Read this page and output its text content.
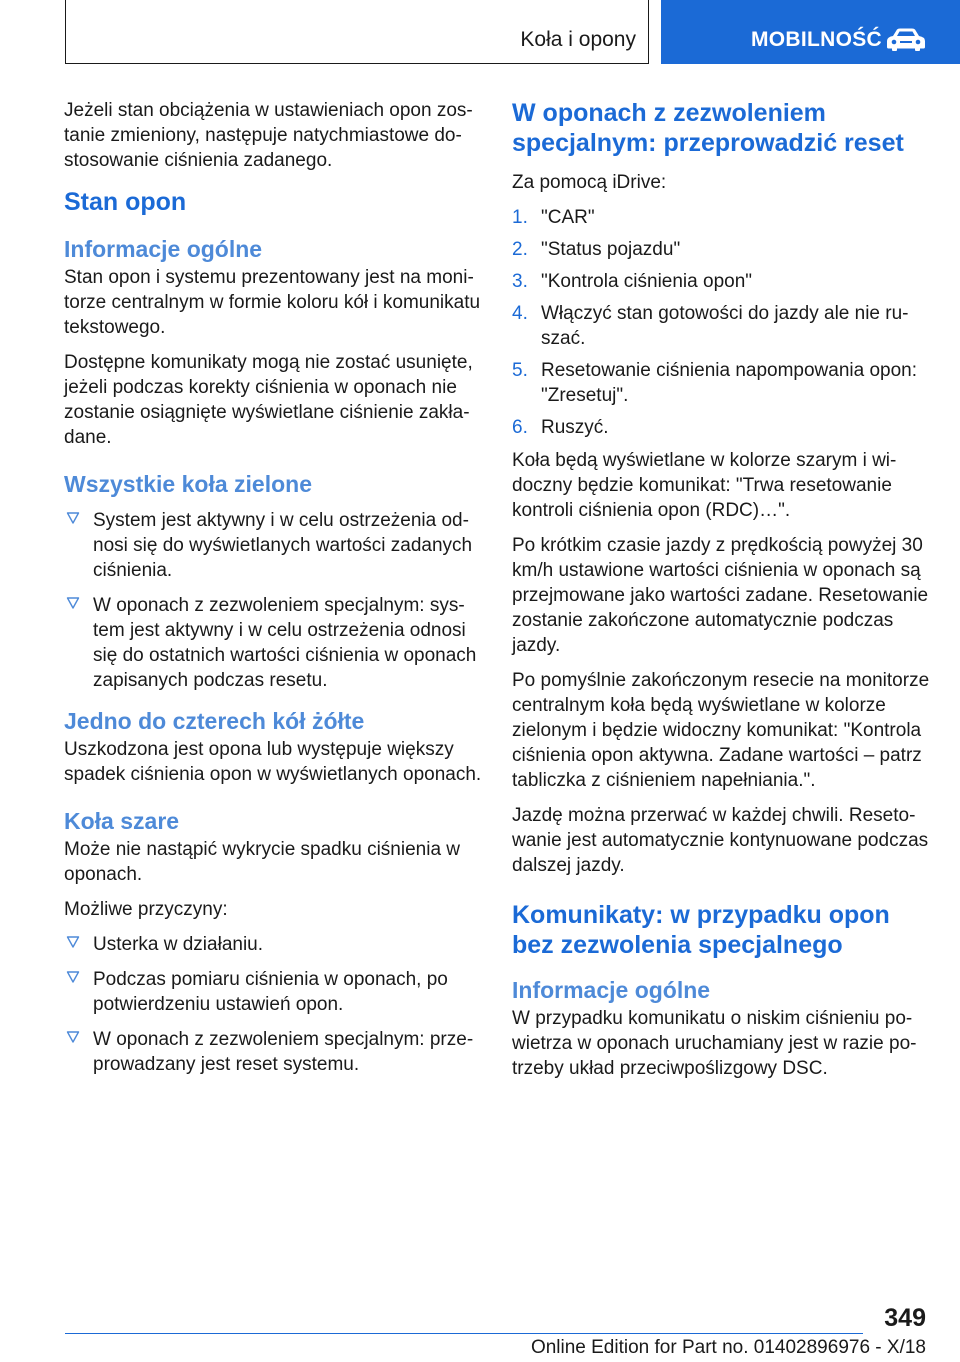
Koła i opony	MOBILNOŚĆ

Jeżeli stan obciążenia w ustawieniach opon zostanie zmieniony, następuje natychmiastowe dostosowanie ciśnienia zadanego.

Stan opon
Informacje ogólne

Stan opon i systemu prezentowany jest na monitorze centralnym w formie koloru kół i komunikatu tekstowego.

Dostępne komunikaty mogą nie zostać usunięte, jeżeli podczas korekty ciśnienia w oponach nie zostanie osiągnięte wyświetlane ciśnienie zakładane.

Wszystkie koła zielone
System jest aktywny i w celu ostrzeżenia odnosi się do wyświetlanych wartości zadanych ciśnienia.
W oponach z zezwoleniem specjalnym: system jest aktywny i w celu ostrzeżenia odnosi się do ostatnich wartości ciśnienia w oponach zapisanych podczas resetu.
Jedno do czterech kół żółte

Uszkodzona jest opona lub występuje większy spadek ciśnienia opon w wyświetlanych oponach.

Koła szare

Może nie nastąpić wykrycie spadku ciśnienia w oponach.

Możliwe przyczyny:

Usterka w działaniu.
Podczas pomiaru ciśnienia w oponach, po potwierdzeniu ustawień opon.
W oponach z zezwoleniem specjalnym: przeprowadzany jest reset systemu.
W oponach z zezwoleniem specjalnym: przeprowadzić reset

Za pomocą iDrive:

1. "CAR"
2. "Status pojazdu"
3. "Kontrola ciśnienia opon"
4. Włączyć stan gotowości do jazdy ale nie ruszać.
5. Resetowanie ciśnienia napompowania opon: "Zresetuj".
6. Ruszyć.

Koła będą wyświetlane w kolorze szarym i widoczny będzie komunikat: "Trwa resetowanie kontroli ciśnienia opon (RDC)…".

Po krótkim czasie jazdy z prędkością powyżej 30 km/h ustawione wartości ciśnienia w oponach są przejmowane jako wartości zadane. Resetowanie zostanie zakończone automatycznie podczas jazdy.

Po pomyślnie zakończonym resecie na monitorze centralnym koła będą wyświetlane w kolorze zielonym i będzie widoczny komunikat: "Kontrola ciśnienia opon aktywna. Zadane wartości – patrz tabliczka z ciśnieniem napełniania.".

Jazdę można przerwać w każdej chwili. Resetowanie jest automatycznie kontynuowane podczas dalszej jazdy.

Komunikaty: w przypadku opon bez zezwolenia specjalnego
Informacje ogólne

W przypadku komunikatu o niskim ciśnieniu powietrza w oponach uruchamiany jest w razie potrzeby układ przeciwpoślizgowy DSC.

349
Online Edition for Part no. 01402896976 - X/18
